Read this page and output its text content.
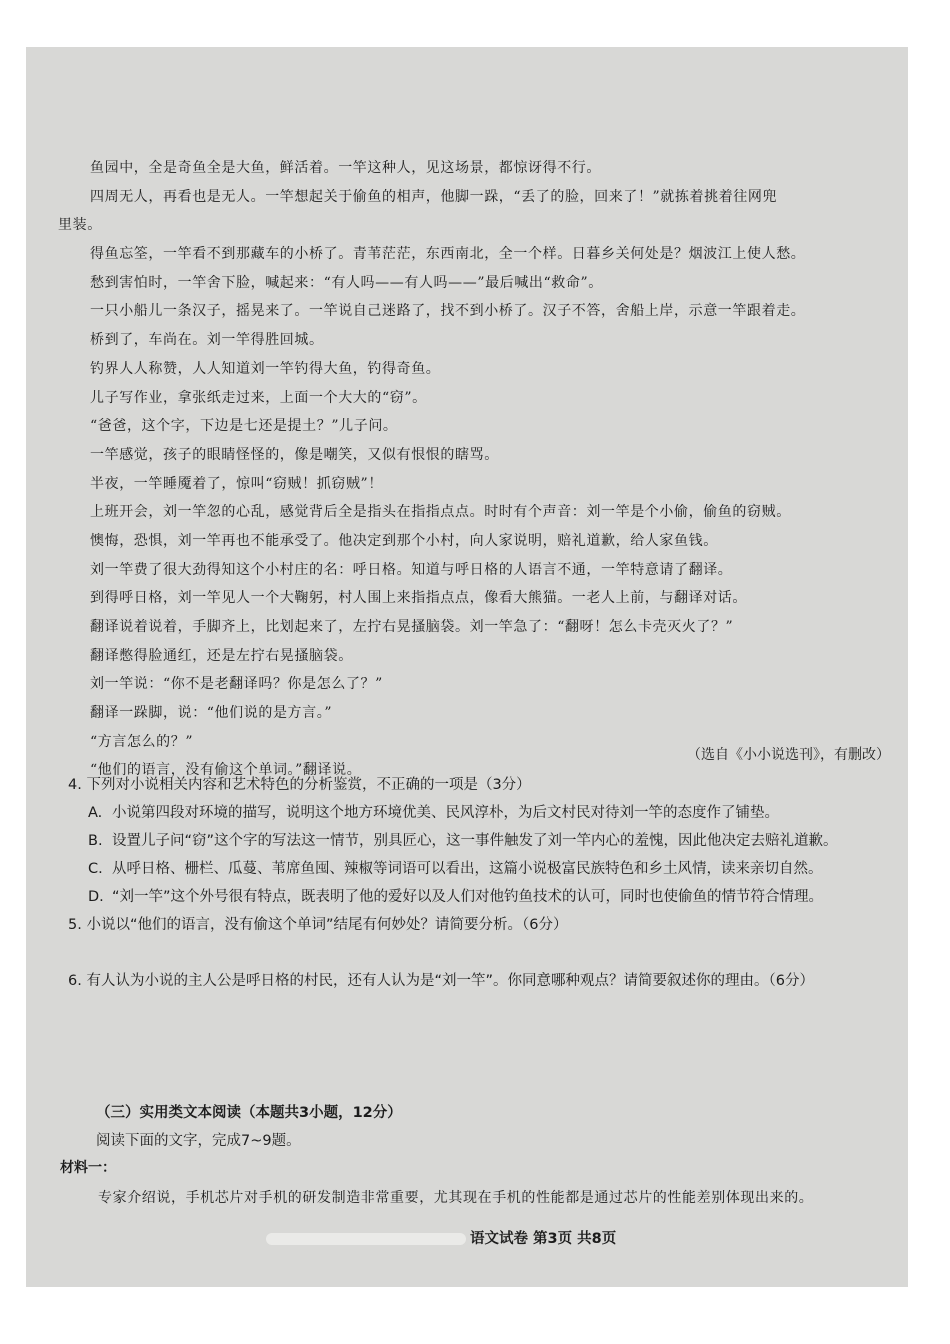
鱼园中，全是奇鱼全是大鱼，鲜活着。一竿这种人，见这场景，都惊讶得不行。

四周无人，再看也是无人。一竿想起关于偷鱼的相声，他脚一跺，“丢了的脸，回来了！”就拣着挑着往网兜

里装。

得鱼忘筌，一竿看不到那藏车的小桥了。青苇茫茫，东西南北，全一个样。日暮乡关何处是？烟波江上使人愁。

愁到害怕时，一竿舍下脸，喊起来：“有人吗——有人吗——”最后喊出“救命”。

一只小船儿一条汉子，摇晃来了。一竿说自己迷路了，找不到小桥了。汉子不答，舍船上岸，示意一竿跟着走。

桥到了，车尚在。刘一竿得胜回城。

钓界人人称赞，人人知道刘一竿钓得大鱼，钓得奇鱼。

儿子写作业，拿张纸走过来，上面一个大大的“窃”。

“爸爸，这个字，下边是七还是提土？”儿子问。

一竿感觉，孩子的眼睛怪怪的，像是嘲笑，又似有恨恨的瞎骂。

半夜，一竿睡魇着了，惊叫“窃贼！抓窃贼”！

上班开会，刘一竿忽的心乱，感觉背后全是指头在指指点点。时时有个声音：刘一竿是个小偷，偷鱼的窃贼。

懊悔，恐惧，刘一竿再也不能承受了。他决定到那个小村，向人家说明，赔礼道歉，给人家鱼钱。

刘一竿费了很大劲得知这个小村庄的名：呼日格。知道与呼日格的人语言不通，一竿特意请了翻译。

到得呼日格，刘一竿见人一个大鞠躬，村人围上来指指点点，像看大熊猫。一老人上前，与翻译对话。

翻译说着说着，手脚齐上，比划起来了，左拧右晃搔脑袋。刘一竿急了：“翻呀！怎么卡壳灭火了？”

翻译憋得脸通红，还是左拧右晃搔脑袋。

刘一竿说：“你不是老翻译吗？你是怎么了？”

翻译一跺脚，说：“他们说的是方言。”

“方言怎么的？”

“他们的语言，没有偷这个单词。”翻译说。

（选自《小小说选刊》，有删改）

4. 下列对小说相关内容和艺术特色的分析鉴赏，不正确的一项是（3分）

A. 小说第四段对环境的描写，说明这个地方环境优美、民风淳朴，为后文村民对待刘一竿的态度作了铺垫。
B. 设置儿子问“窃”这个字的写法这一情节，别具匠心，这一事件触发了刘一竿内心的羞愧，因此他决定去赔礼道歉。
C. 从呼日格、栅栏、瓜蔓、苇席鱼囤、辣椒等词语可以看出，这篇小说极富民族特色和乡土风情，读来亲切自然。
D. “刘一竿”这个外号很有特点，既表明了他的爱好以及人们对他钓鱼技术的认可，同时也使偷鱼的情节符合情理。

5. 小说以“他们的语言，没有偷这个单词”结尾有何妙处？请简要分析。（6分）

6. 有人认为小说的主人公是呼日格的村民，还有人认为是“刘一竿”。你同意哪种观点？请简要叙述你的理由。（6分）

（三）实用类文本阅读（本题共3小题，12分）
阅读下面的文字，完成7~9题。
材料一：
专家介绍说，手机芯片对手机的研发制造非常重要，尤其现在手机的性能都是通过芯片的性能差别体现出来的。
语文试卷 第3页 共8页
